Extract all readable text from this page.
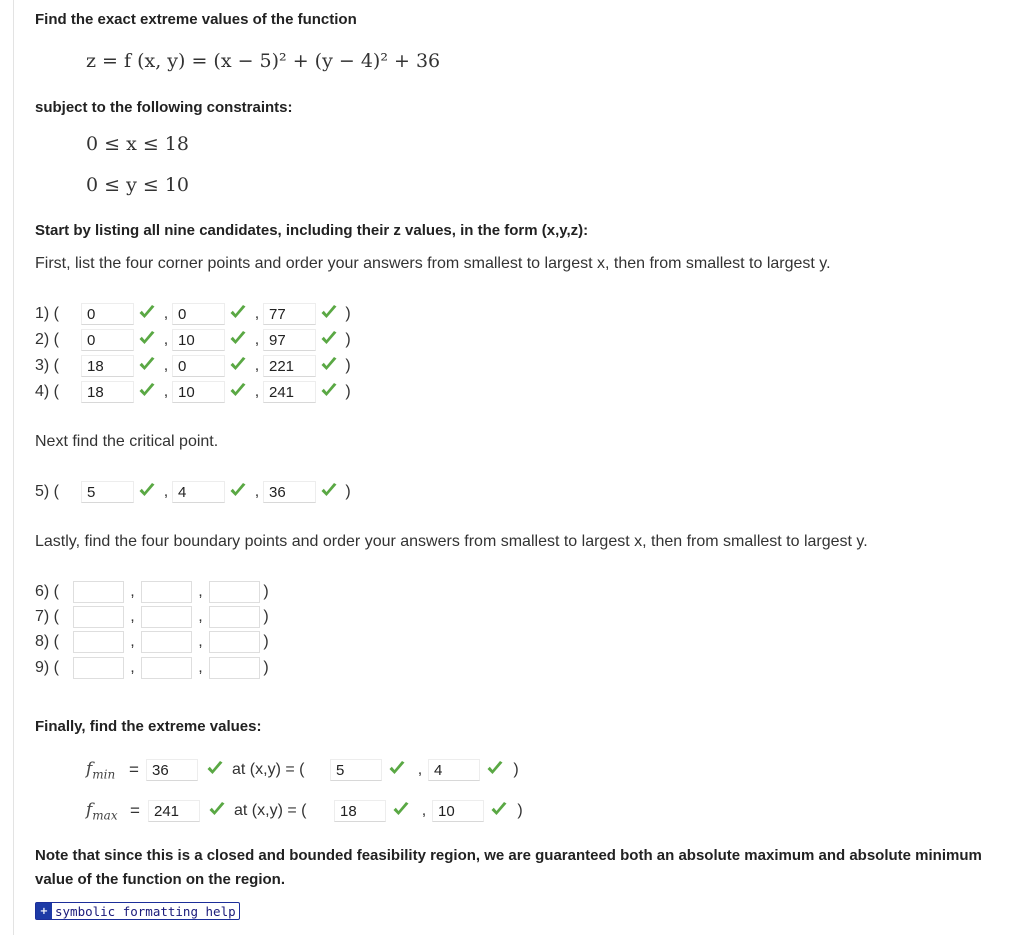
Find the exact extreme values of the function
z = f (x, y) = (x − 5)² + (y − 4)² + 36
subject to the following constraints:
0 ≤ x ≤ 18
0 ≤ y ≤ 10
Start by listing all nine candidates, including their z values, in the form (x,y,z):
First, list the four corner points and order your answers from smallest to largest x, then from smallest to largest y.
1) (
0	,
0	,
77	)
2) (
0	,
10	,
97	)
3) (
18	,
0	,
221	)
4) (
18	,
10	,
241	)
Next find the critical point.
5) (
5	,
4	,
36	)
Lastly, find the four boundary points and order your answers from smallest to largest x, then from smallest to largest y.
6) (	,	,	)
7) (	,	,	)
8) (	,	,	)
9) (	,	,	)
Finally, find the extreme values:
$f_{min}$ =
36	at (x,y) = (
5	,
4	)
$f_{max}$ =
241	at (x,y) = (
18	,
10	)
Note that since this is a closed and bounded feasibility region, we are guaranteed both an absolute maximum and absolute minimum value of the function on the region.
+ symbolic formatting help
